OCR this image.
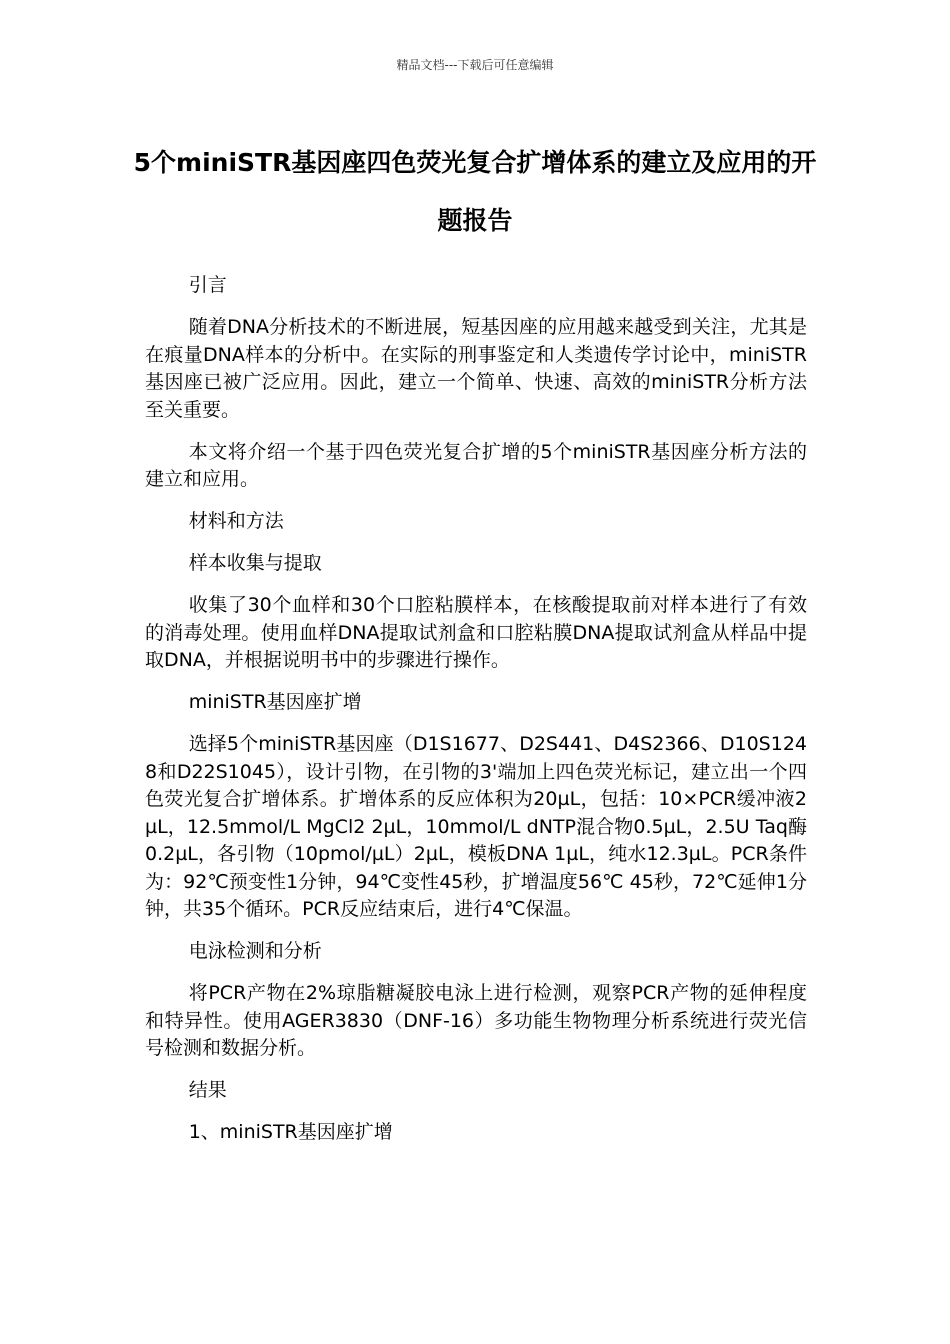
精品文档---下载后可任意编辑
5个miniSTR基因座四色荧光复合扩增体系的建立及应用的开题报告

引言

随着DNA分析技术的不断进展，短基因座的应用越来越受到关注，尤其是在痕量DNA样本的分析中。在实际的刑事鉴定和人类遗传学讨论中，miniSTR基因座已被广泛应用。因此，建立一个简单、快速、高效的miniSTR分析方法至关重要。

本文将介绍一个基于四色荧光复合扩增的5个miniSTR基因座分析方法的建立和应用。

材料和方法

样本收集与提取

收集了30个血样和30个口腔粘膜样本，在核酸提取前对样本进行了有效的消毒处理。使用血样DNA提取试剂盒和口腔粘膜DNA提取试剂盒从样品中提取DNA，并根据说明书中的步骤进行操作。

miniSTR基因座扩增

选择5个miniSTR基因座（D1S1677、D2S441、D4S2366、D10S1248和D22S1045），设计引物，在引物的3'端加上四色荧光标记，建立出一个四色荧光复合扩增体系。扩增体系的反应体积为20µL，包括：10×PCR缓冲液2µL，12.5mmol/L MgCl2 2µL，10mmol/L dNTP混合物0.5µL，2.5U Taq酶0.2µL，各引物（10pmol/µL）2µL，模板DNA 1µL，纯水12.3µL。PCR条件为：92℃预变性1分钟，94℃变性45秒，扩增温度56℃ 45秒，72℃延伸1分钟，共35个循环。PCR反应结束后，进行4℃保温。

电泳检测和分析

将PCR产物在2%琼脂糖凝胶电泳上进行检测，观察PCR产物的延伸程度和特异性。使用AGER3830（DNF-16）多功能生物物理分析系统进行荧光信号检测和数据分析。

结果

1、miniSTR基因座扩增
